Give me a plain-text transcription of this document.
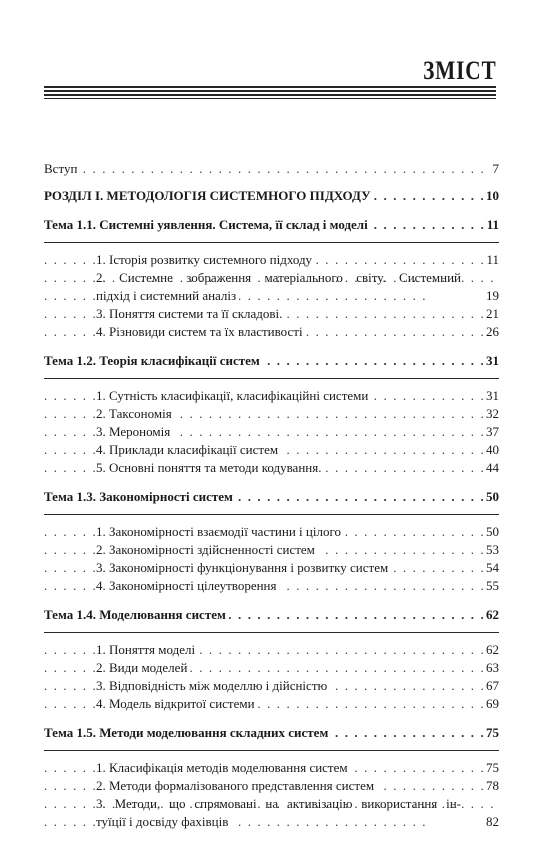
ЗМІСТ
Вступ	7
. . .
РОЗДІЛ І. МЕТОДОЛОГІЯ СИСТЕМНОГО ПІДХОДУ	10
. . .
Тема 1.1. Системні уявлення. Система, її склад і моделі	11
. . .
1. Історія розвитку системного підходу	11
. . .
2. Системне зображення матеріального світу. Системний
підхід і системний аналіз	19
. . .
3. Поняття системи та її складові.	21
. . .
4. Різновиди систем та їх властивості	26
. . .
Тема 1.2. Теорія класифікації систем	31
. . .
1. Сутність класифікації, класифікаційні системи	31
. . .
2. Таксономія	32
. . .
3. Мерономія	37
. . .
4. Приклади класифікації систем	40
. . .
5. Основні поняття та методи кодування.	44
. . .
Тема 1.3. Закономірності систем	50
. . .
1. Закономірності взаємодії частини і цілого	50
. . .
2. Закономірності здійсненності систем	53
. . .
3. Закономірності функціонування і розвитку систем	54
. . .
4. Закономірності цілеутворення	55
. . .
Тема 1.4. Моделювання систем	62
. . .
1. Поняття моделі	62
. . .
2. Види моделей	63
. . .
3. Відповідність між моделлю і дійсністю	67
. . .
4. Модель відкритої системи	69
. . .
Тема 1.5. Методи моделювання складних систем	75
. . .
1. Класифікація методів моделювання систем	75
. . .
2. Методи формалізованого представлення систем	78
. . .
3. Методи, що спрямовані на активізацію використання ін-
туїції і досвіду фахівців	82
. . .
